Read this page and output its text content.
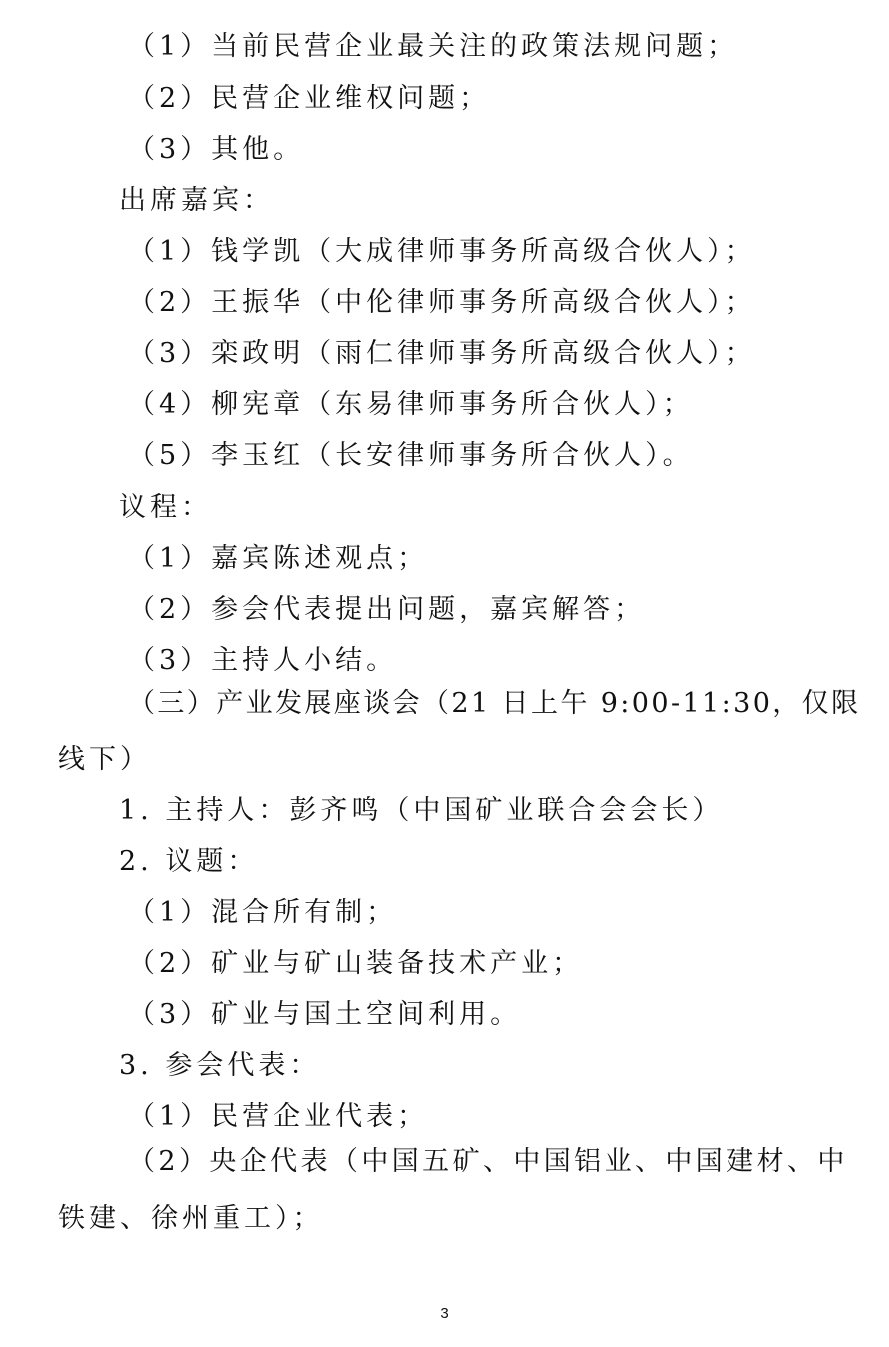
（1）当前民营企业最关注的政策法规问题；
（2）民营企业维权问题；
（3）其他。
出席嘉宾：
（1）钱学凯（大成律师事务所高级合伙人）；
（2）王振华（中伦律师事务所高级合伙人）；
（3）栾政明（雨仁律师事务所高级合伙人）；
（4）柳宪章（东易律师事务所合伙人）；
（5）李玉红（长安律师事务所合伙人）。
议程：
（1）嘉宾陈述观点；
（2）参会代表提出问题，嘉宾解答；
（3）主持人小结。
（三）产业发展座谈会（21 日上午 9:00-11:30，仅限
线下）
1. 主持人：彭齐鸣（中国矿业联合会会长）
2. 议题：
（1）混合所有制；
（2）矿业与矿山装备技术产业；
（3）矿业与国土空间利用。
3. 参会代表：
（1）民营企业代表；
（2）央企代表（中国五矿、中国铝业、中国建材、中
铁建、徐州重工）；
3
